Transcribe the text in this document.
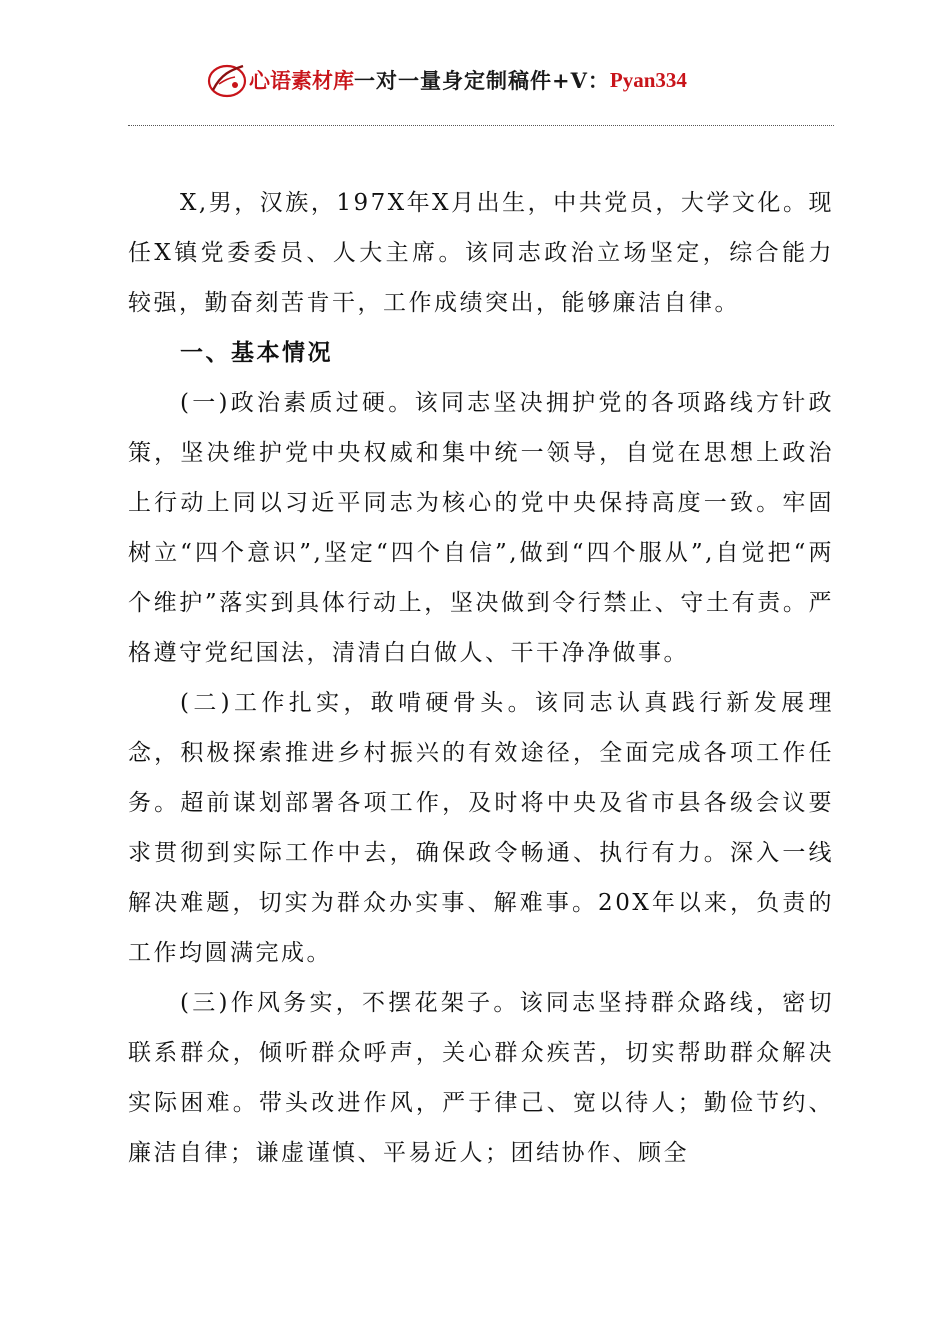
心语素材库 一对一量身定制稿件+V： Pyan334

X,男，汉族，197X年X月出生，中共党员，大学文化。现任X镇党委委员、人大主席。该同志政治立场坚定，综合能力较强，勤奋刻苦肯干，工作成绩突出，能够廉洁自律。

一、基本情况

(一)政治素质过硬。该同志坚决拥护党的各项路线方针政策，坚决维护党中央权威和集中统一领导，自觉在思想上政治上行动上同以习近平同志为核心的党中央保持高度一致。牢固树立“四个意识”,坚定“四个自信”,做到“四个服从”,自觉把“两个维护”落实到具体行动上，坚决做到令行禁止、守土有责。严格遵守党纪国法，清清白白做人、干干净净做事。

(二)工作扎实，敢啃硬骨头。该同志认真践行新发展理念，积极探索推进乡村振兴的有效途径，全面完成各项工作任务。超前谋划部署各项工作，及时将中央及省市县各级会议要求贯彻到实际工作中去，确保政令畅通、执行有力。深入一线解决难题，切实为群众办实事、解难事。20X年以来，负责的工作均圆满完成。

(三)作风务实，不摆花架子。该同志坚持群众路线，密切联系群众，倾听群众呼声，关心群众疾苦，切实帮助群众解决实际困难。带头改进作风，严于律己、宽以待人；勤俭节约、廉洁自律；谦虚谨慎、平易近人；团结协作、顾全
